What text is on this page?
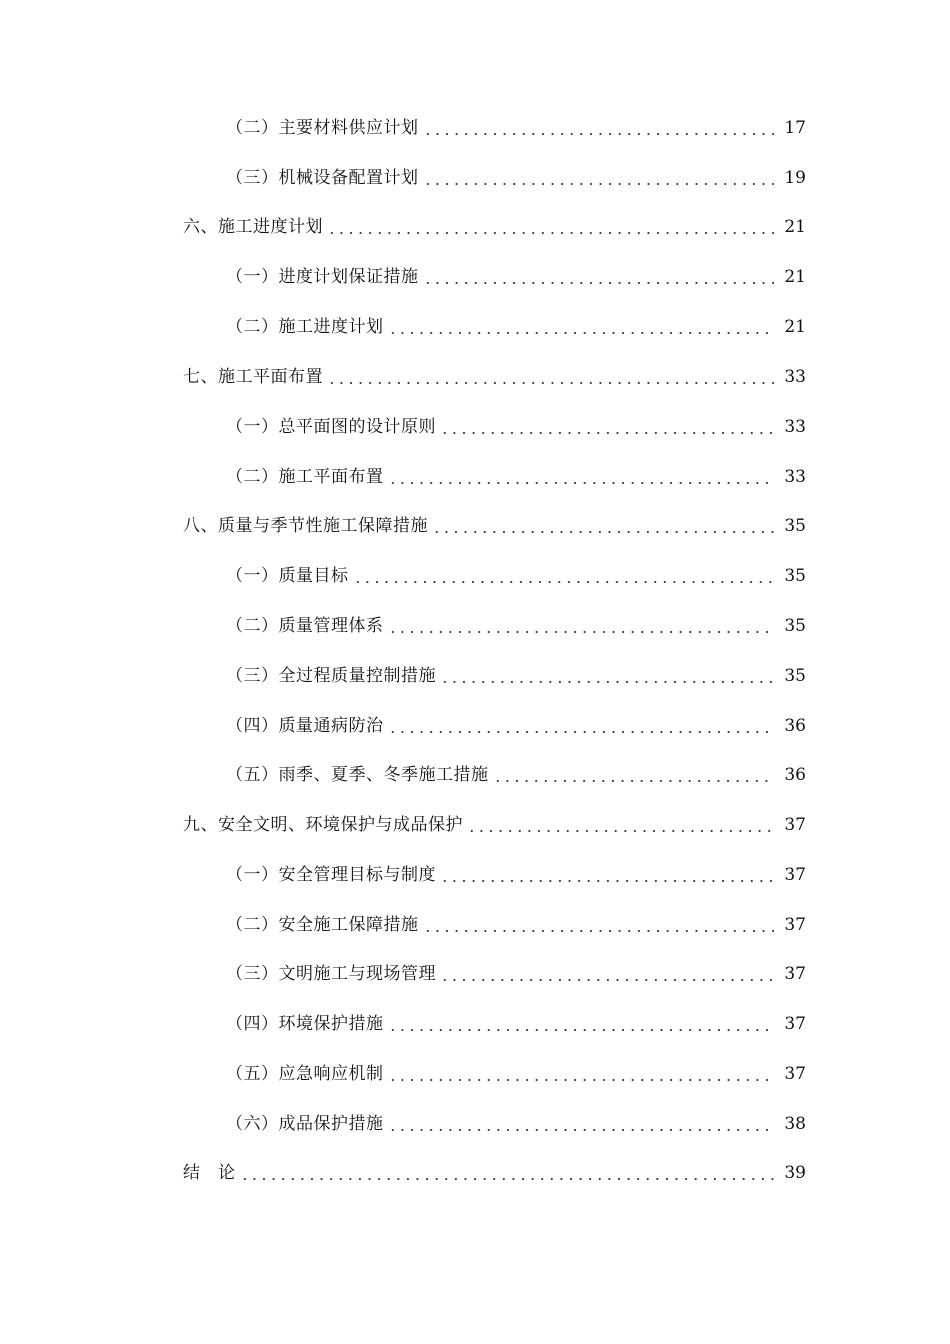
（二）主要材料供应计划	17
（三）机械设备配置计划	19
六、施工进度计划	21
（一）进度计划保证措施	21
（二）施工进度计划	21
七、施工平面布置	33
（一）总平面图的设计原则	33
（二）施工平面布置	33
八、质量与季节性施工保障措施	35
（一）质量目标	35
（二）质量管理体系	35
（三）全过程质量控制措施	35
（四）质量通病防治	36
（五）雨季、夏季、冬季施工措施	36
九、安全文明、环境保护与成品保护	37
（一）安全管理目标与制度	37
（二）安全施工保障措施	37
（三）文明施工与现场管理	37
（四）环境保护措施	37
（五）应急响应机制	37
（六）成品保护措施	38
结　论	39
